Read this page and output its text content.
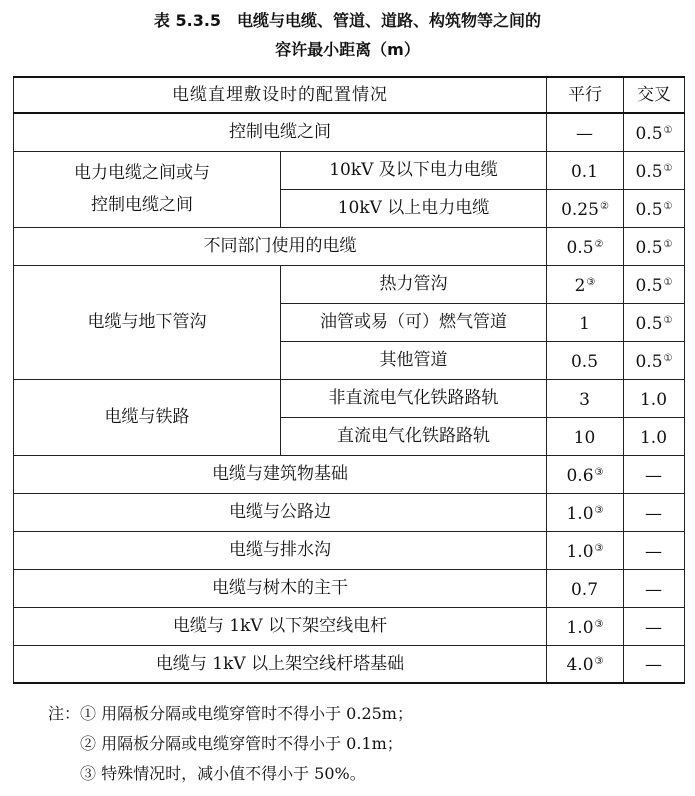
表 5.3.5　电缆与电缆、管道、道路、构筑物等之间的
容许最小距离（m）
电缆直埋敷设时的配置情况		平行	交叉
控制电缆之间		—	0.5①
电力电缆之间或与控制电缆之间	10kV 及以下电力电缆	0.1	0.5①
	10kV 以上电力电缆	0.25②	0.5①
不同部门使用的电缆		0.5②	0.5①
电缆与地下管沟	热力管沟	2③	0.5①
	油管或易（可）燃气管道	1	0.5①
	其他管道	0.5	0.5①
电缆与铁路	非直流电气化铁路路轨	3	1.0
	直流电气化铁路路轨	10	1.0
电缆与建筑物基础		0.6③	—
电缆与公路边		1.0③	—
电缆与排水沟		1.0③	—
电缆与树木的主干		0.7	—
电缆与 1kV 以下架空线电杆		1.0③	—
电缆与 1kV 以上架空线杆塔基础		4.0③	—
注：① 用隔板分隔或电缆穿管时不得小于 0.25m；
② 用隔板分隔或电缆穿管时不得小于 0.1m；
③ 特殊情况时，减小值不得小于 50%。
